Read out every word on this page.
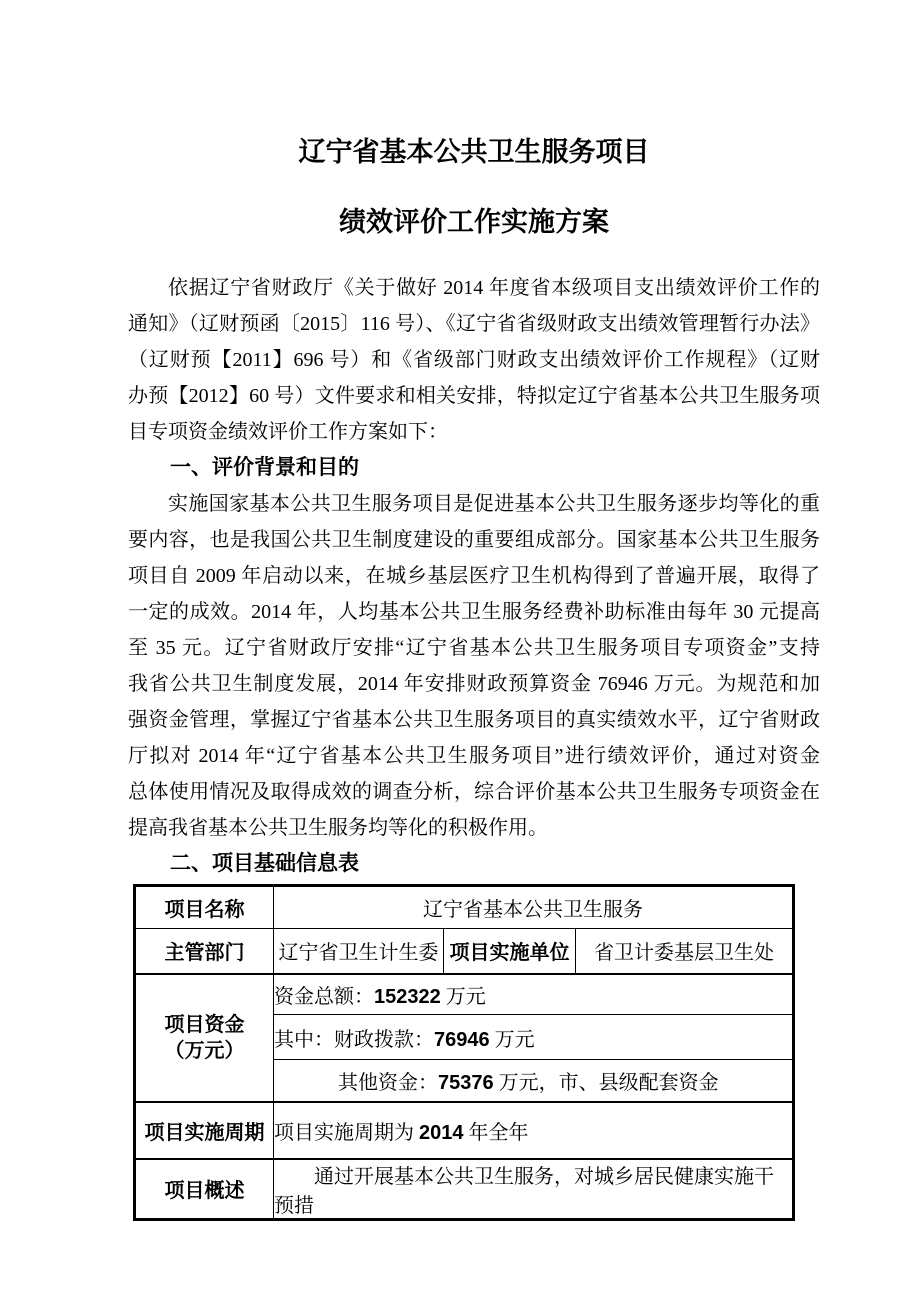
辽宁省基本公共卫生服务项目
绩效评价工作实施方案
依据辽宁省财政厅《关于做好 2014 年度省本级项目支出绩效评价工作的
通知》（辽财预函〔2015〕116 号）、《辽宁省省级财政支出绩效管理暂行办法》
（辽财预【2011】696 号）和《省级部门财政支出绩效评价工作规程》（辽财
办预【2012】60 号）文件要求和相关安排，特拟定辽宁省基本公共卫生服务项
目专项资金绩效评价工作方案如下：
一、评价背景和目的
实施国家基本公共卫生服务项目是促进基本公共卫生服务逐步均等化的重
要内容，也是我国公共卫生制度建设的重要组成部分。国家基本公共卫生服务
项目自 2009 年启动以来，在城乡基层医疗卫生机构得到了普遍开展，取得了
一定的成效。2014 年，人均基本公共卫生服务经费补助标准由每年 30 元提高
至 35 元。辽宁省财政厅安排“辽宁省基本公共卫生服务项目专项资金”支持
我省公共卫生制度发展，2014 年安排财政预算资金 76946 万元。为规范和加
强资金管理，掌握辽宁省基本公共卫生服务项目的真实绩效水平，辽宁省财政
厅拟对 2014 年“辽宁省基本公共卫生服务项目”进行绩效评价，通过对资金
总体使用情况及取得成效的调查分析，综合评价基本公共卫生服务专项资金在
提高我省基本公共卫生服务均等化的积极作用。
二、项目基础信息表
项目名称	辽宁省基本公共卫生服务		
主管部门	辽宁省卫生计生委	项目实施单位	省卫计委基层卫生处

项目资金
（万元）	资金总额：152322 万元		
	其中：财政拨款：76946 万元		
	其他资金：75376 万元，市、县级配套资金		
项目实施周期	项目实施周期为 2014 年全年		
项目概述	通过开展基本公共卫生服务，对城乡居民健康实施干预措		
